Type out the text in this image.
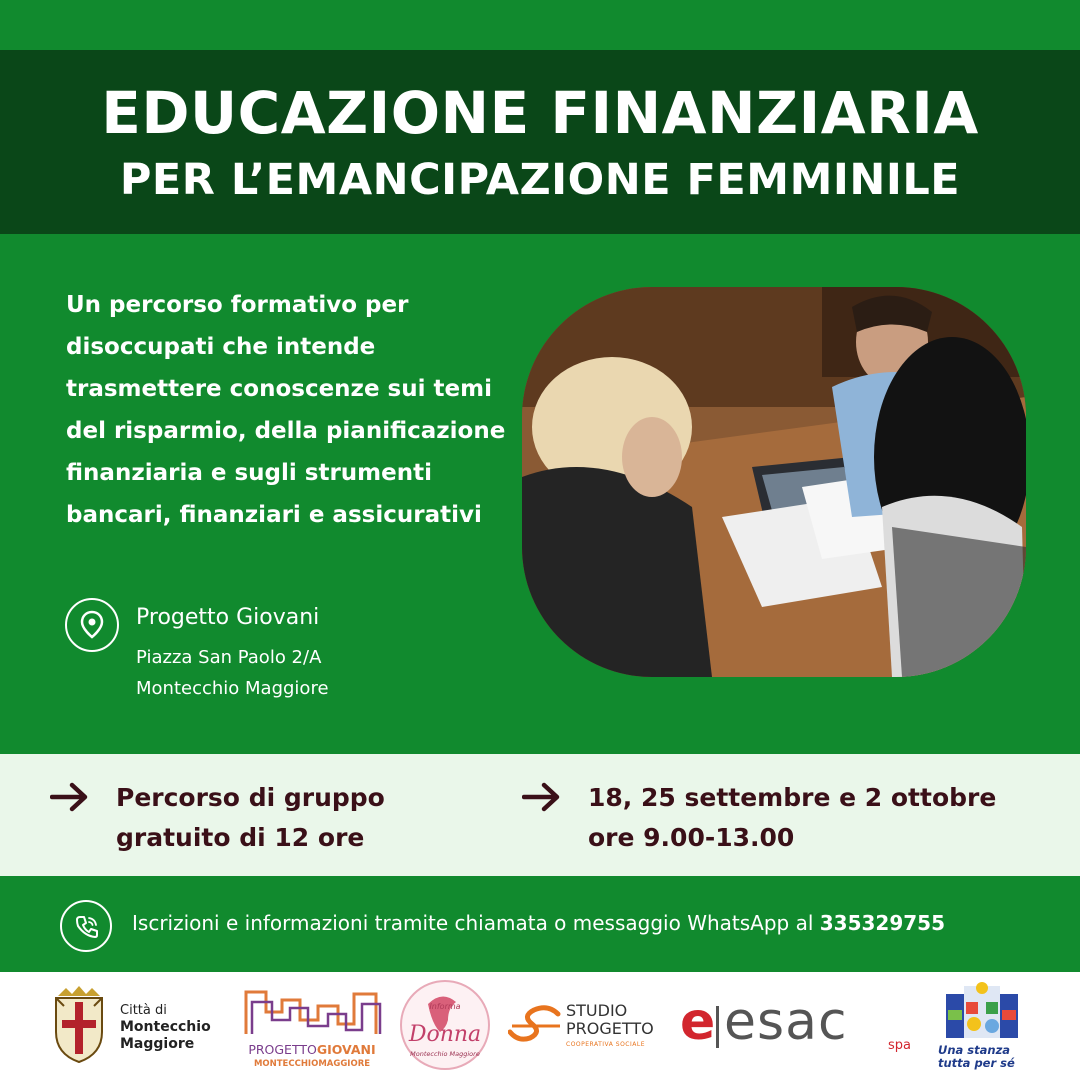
EDUCAZIONE FINANZIARIA
PER L’EMANCIPAZIONE FEMMINILE
Un percorso formativo per disoccupati che intende trasmettere conoscenze sui temi del risparmio, della pianificazione finanziaria e sugli strumenti bancari, finanziari e assicurativi
Progetto Giovani
Piazza San Paolo 2/A
Montecchio Maggiore
Percorso di gruppo
gratuito di 12 ore
18, 25 settembre e 2 ottobre
ore 9.00-13.00
Iscrizioni e informazioni tramite chiamata o messaggio WhatsApp al 335329755
Città di
Montecchio
Maggiore	PROGETTOGIOVANI
MONTECCHIOMAGGIORE
Informa
Donna
Montecchio Maggiore
STUDIO
PROGETTO
COOPERATIVA SOCIALE e esac	spa Una stanza
tutta per sé
